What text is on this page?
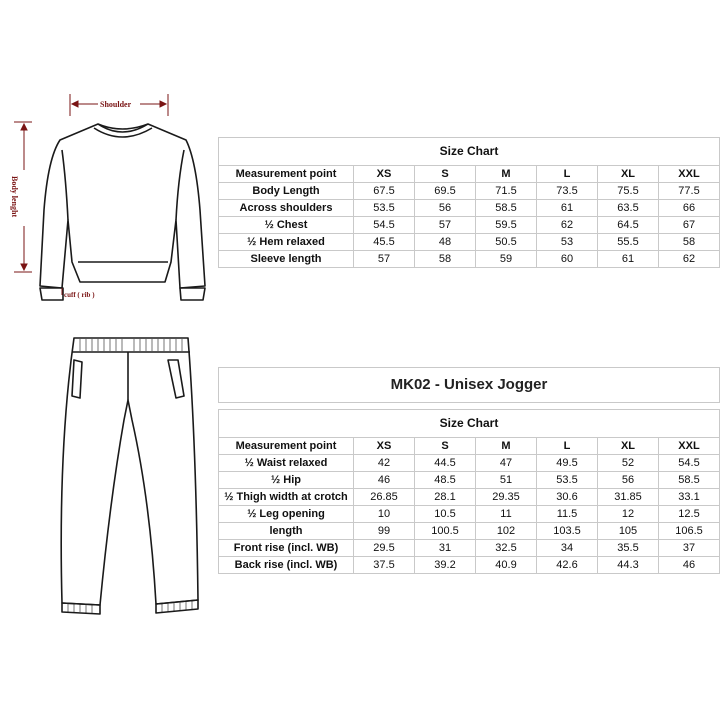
Shoulder
Body lenght
cuff ( rib )

Size Chart						
Measurement point	XS	S	M	L	XL	XXL
Body Length	67.5	69.5	71.5	73.5	75.5	77.5
Across shoulders	53.5	56	58.5	61	63.5	66
½ Chest	54.5	57	59.5	62	64.5	67
½ Hem relaxed	45.5	48	50.5	53	55.5	58
Sleeve length	57	58	59	60	61	62
MK02 - Unisex Jogger						

Size Chart						
Measurement point	XS	S	M	L	XL	XXL
½ Waist relaxed	42	44.5	47	49.5	52	54.5
½ Hip	46	48.5	51	53.5	56	58.5
½ Thigh width at crotch	26.85	28.1	29.35	30.6	31.85	33.1
½ Leg opening	10	10.5	11	11.5	12	12.5
length	99	100.5	102	103.5	105	106.5
Front rise (incl. WB)	29.5	31	32.5	34	35.5	37
Back rise (incl. WB)	37.5	39.2	40.9	42.6	44.3	46
